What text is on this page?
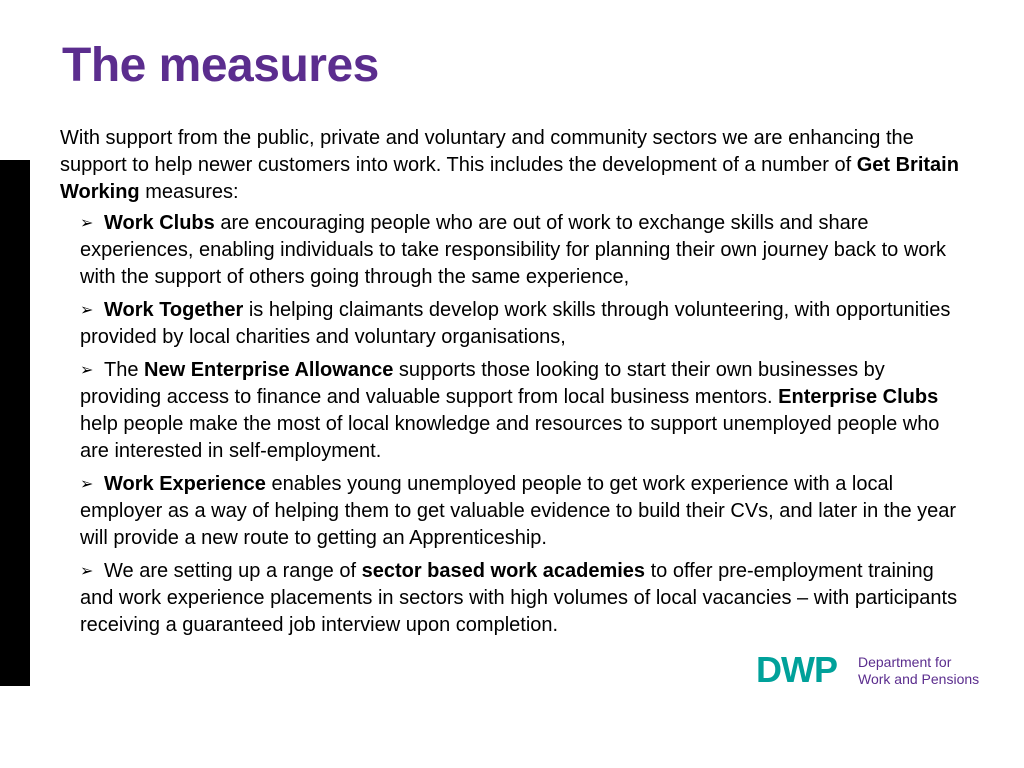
The measures

With support from the public, private and voluntary and community sectors we are enhancing the support to help newer customers into work. This includes the development of a number of Get Britain Working measures:

➢ Work Clubs are encouraging people who are out of work to exchange skills and share experiences, enabling individuals to take responsibility for planning their own journey back to work with the support of others going through the same experience,
➢ Work Together is helping claimants develop work skills through volunteering, with opportunities provided by local charities and voluntary organisations,
➢ The New Enterprise Allowance supports those looking to start their own businesses by providing access to finance and valuable support from local business mentors. Enterprise Clubs help people make the most of local knowledge and resources to support unemployed people who are interested in self-employment.
➢ Work Experience enables young unemployed people to get work experience with a local employer as a way of helping them to get valuable evidence to build their CVs, and later in the year will provide a new route to getting an Apprenticeship.
➢ We are setting up a range of sector based work academies to offer pre-employment training and work experience placements in sectors with high volumes of local vacancies – with participants receiving a guaranteed job interview upon completion.
DWP Department for
Work and Pensions
